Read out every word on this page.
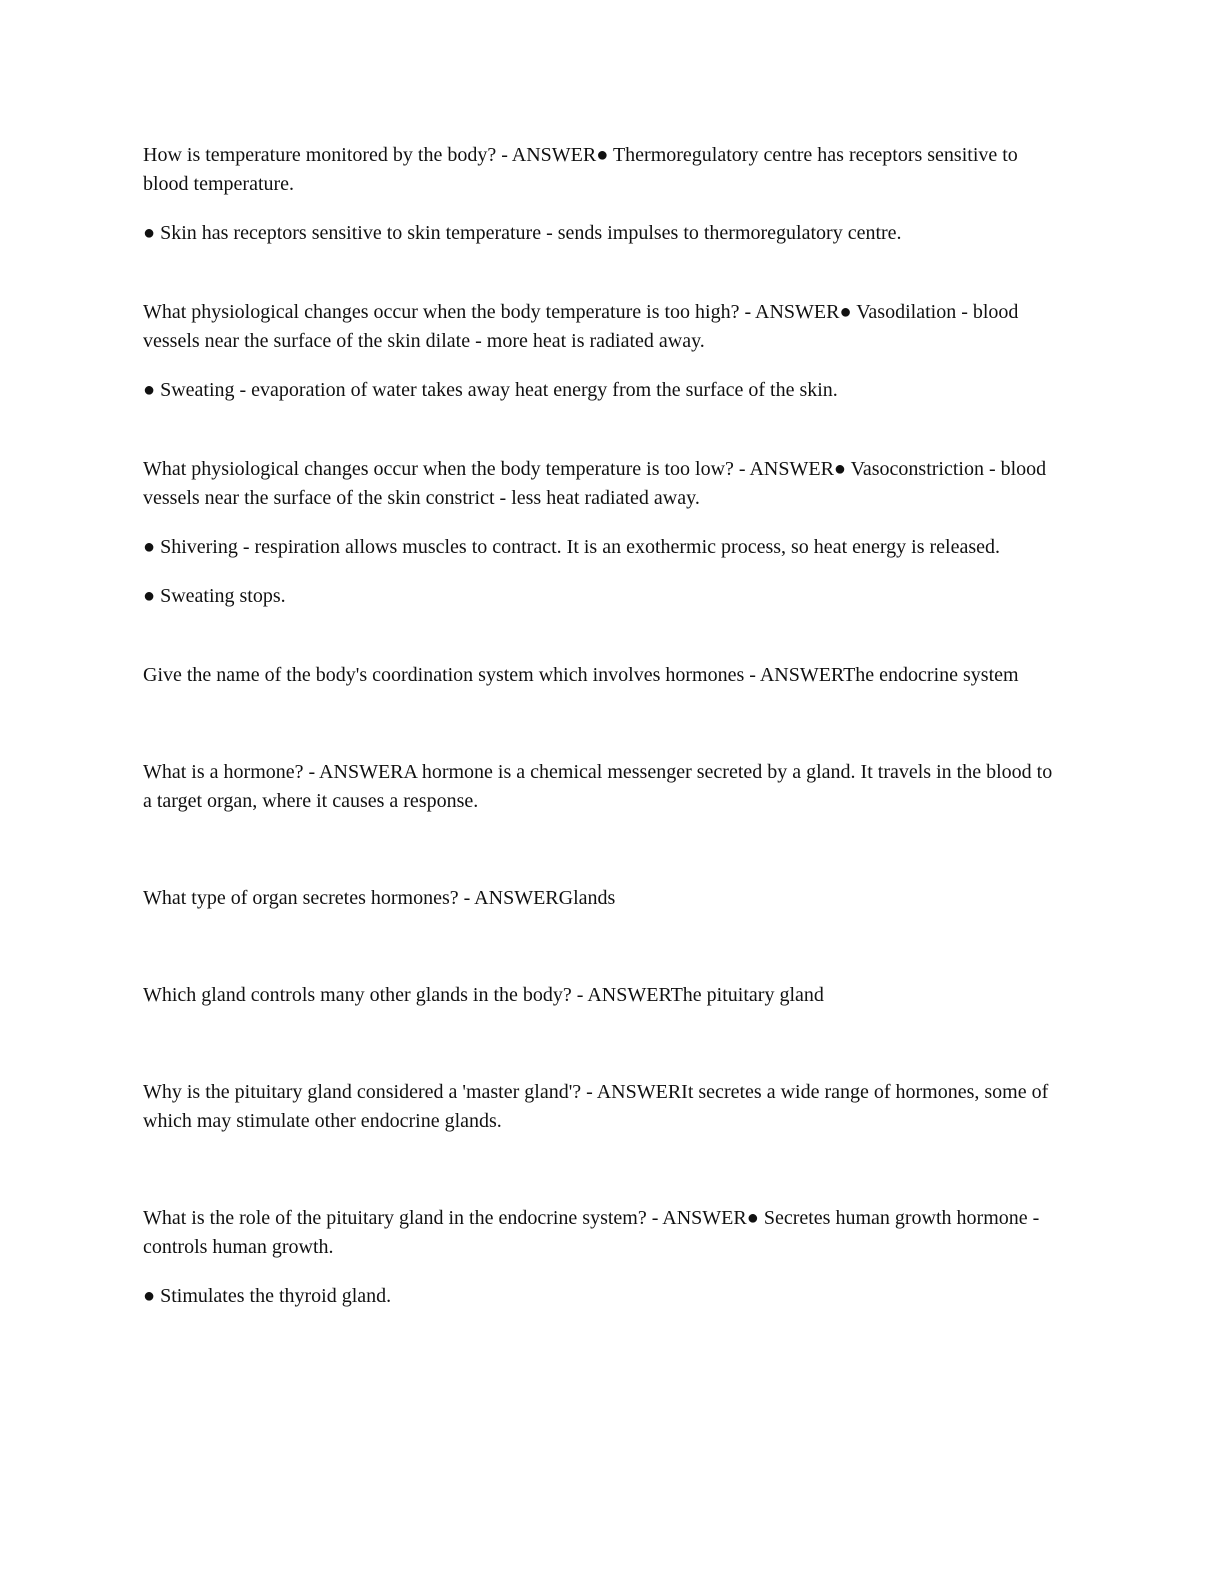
How is temperature monitored by the body? - ANSWER● Thermoregulatory centre has receptors sensitive to blood temperature.

● Skin has receptors sensitive to skin temperature - sends impulses to thermoregulatory centre.

What physiological changes occur when the body temperature is too high? - ANSWER● Vasodilation - blood vessels near the surface of the skin dilate - more heat is radiated away.

● Sweating - evaporation of water takes away heat energy from the surface of the skin.

What physiological changes occur when the body temperature is too low? - ANSWER● Vasoconstriction - blood vessels near the surface of the skin constrict - less heat radiated away.

● Shivering - respiration allows muscles to contract. It is an exothermic process, so heat energy is released.

● Sweating stops.

Give the name of the body's coordination system which involves hormones - ANSWERThe endocrine system

What is a hormone? - ANSWERA hormone is a chemical messenger secreted by a gland. It travels in the blood to a target organ, where it causes a response.

What type of organ secretes hormones? - ANSWERGlands

Which gland controls many other glands in the body? - ANSWERThe pituitary gland

Why is the pituitary gland considered a 'master gland'? - ANSWERIt secretes a wide range of hormones, some of which may stimulate other endocrine glands.

What is the role of the pituitary gland in the endocrine system? - ANSWER● Secretes human growth hormone - controls human growth.

● Stimulates the thyroid gland.
